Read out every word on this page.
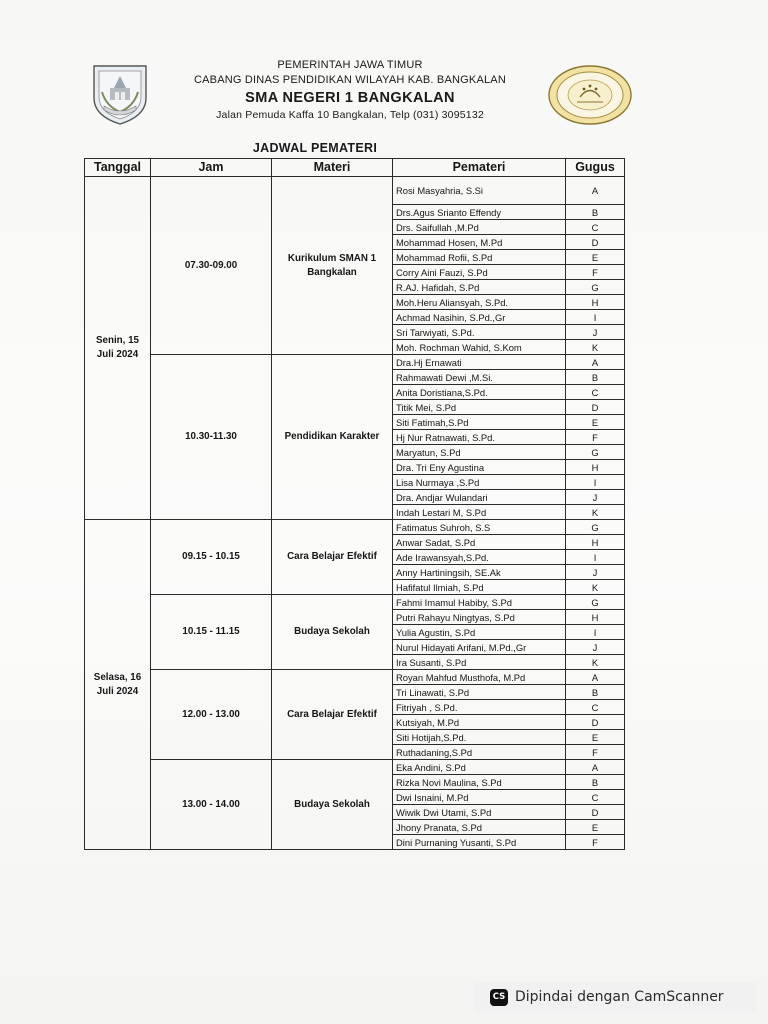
PEMERINTAH JAWA TIMUR
CABANG DINAS PENDIDIKAN WILAYAH KAB. BANGKALAN
SMA NEGERI 1 BANGKALAN
Jalan Pemuda Kaffa 10 Bangkalan, Telp (031) 3095132
JADWAL PEMATERI
Tanggal	Jam	Materi	Pemateri	Gugus
Senin, 15 Juli 2024	07.30-09.00	Kurikulum SMAN 1 Bangkalan	Rosi Masyahria, S.Si	A
			Drs.Agus Srianto Effendy	B
			Drs. Saifullah ,M.Pd	C
			Mohammad Hosen, M.Pd	D
			Mohammad Rofii, S.Pd	E
			Corry Aini Fauzi, S.Pd	F
			R.AJ. Hafidah, S.Pd	G
			Moh.Heru Aliansyah, S.Pd.	H
			Achmad Nasihin, S.Pd.,Gr	I
			Sri Tarwiyati, S.Pd.	J
			Moh. Rochman Wahid, S.Kom	K
	10.30-11.30	Pendidikan Karakter	Dra.Hj Ernawati	A
			Rahmawati Dewi ,M.Si.	B
			Anita Doristiana,S.Pd.	C
			Titik Mei, S.Pd	D
			Siti Fatimah,S.Pd	E
			Hj Nur Ratnawati, S.Pd.	F
			Maryatun, S.Pd	G
			Dra. Tri Eny Agustina	H
			Lisa Nurmaya ,S.Pd	I
			Dra. Andjar Wulandari	J
			Indah Lestari M, S.Pd	K
Selasa, 16 Juli 2024	09.15 - 10.15	Cara Belajar Efektif	Fatimatus Suhroh, S.S	G
			Anwar Sadat, S.Pd	H
			Ade Irawansyah,S.Pd.	I
			Anny Hartiningsih, SE.Ak	J
			Hafifatul Ilmiah, S.Pd	K
	10.15 - 11.15	Budaya Sekolah	Fahmi Imamul Habiby, S.Pd	G
			Putri Rahayu Ningtyas, S.Pd	H
			Yulia Agustin, S.Pd	I
			Nurul Hidayati Arifani, M.Pd.,Gr	J
			Ira Susanti, S.Pd	K
	12.00 - 13.00	Cara Belajar Efektif	Royan Mahfud Musthofa, M.Pd	A
			Tri Linawati, S.Pd	B
			Fitriyah , S.Pd.	C
			Kutsiyah, M.Pd	D
			Siti Hotijah,S.Pd.	E
			Ruthadaning,S.Pd	F
	13.00 - 14.00	Budaya Sekolah	Eka Andini, S.Pd	A
			Rizka Novi Maulina, S.Pd	B
			Dwi Isnaini, M.Pd	C
			Wiwik Dwi Utami, S.Pd	D
			Jhony Pranata, S.Pd	E
			Dini Purnaning Yusanti, S.Pd	F
CS Dipindai dengan CamScanner
